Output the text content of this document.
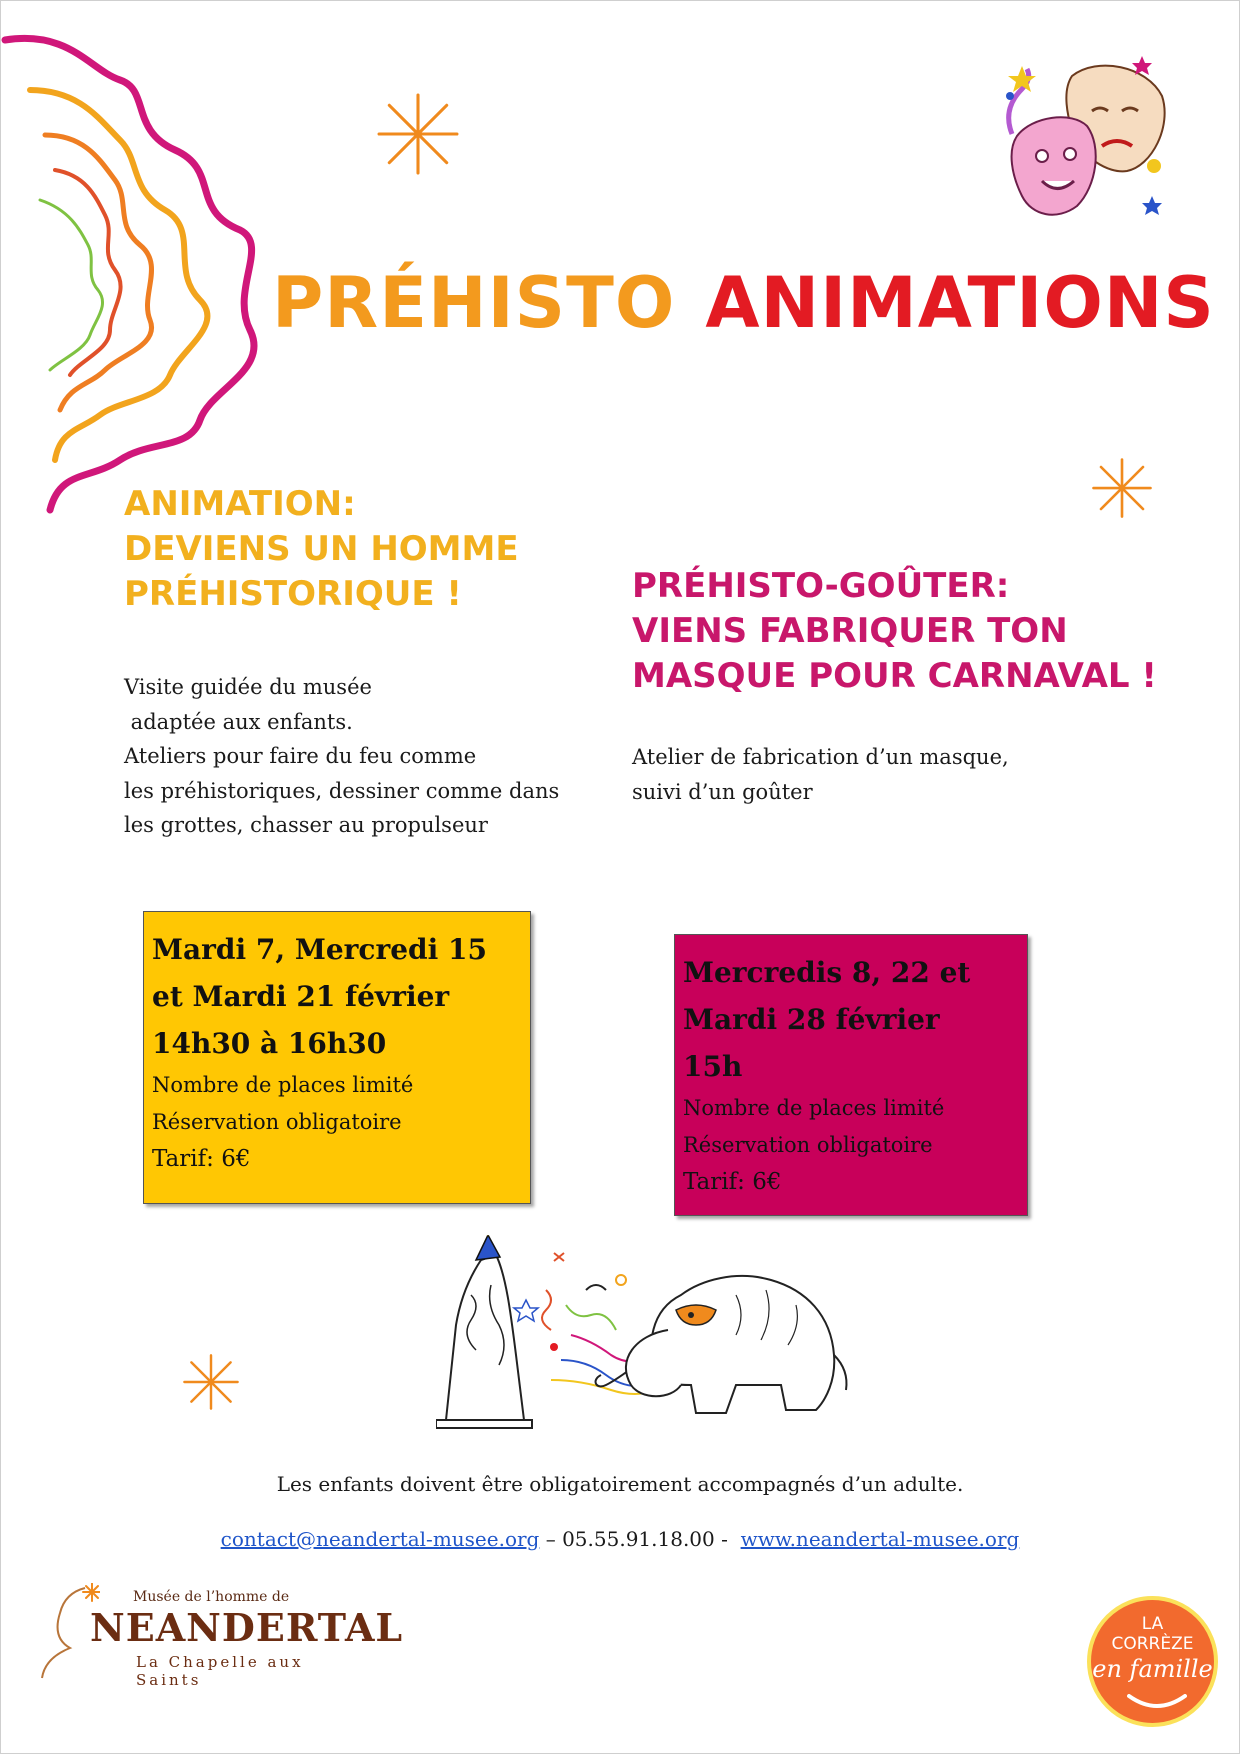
PRÉHISTO ANIMATIONS
ANIMATION:
DEVIENS UN HOMME
PRÉHISTORIQUE !	PRÉHISTO-GOÛTER:
VIENS FABRIQUER TON
MASQUE POUR CARNAVAL !
Visite guidée du musée
adaptée aux enfants.
Ateliers pour faire du feu comme
les préhistoriques, dessiner comme dans
les grottes, chasser au propulseur
Atelier de fabrication d’un masque,
suivi d’un goûter
Mardi 7, Mercredi 15
et Mardi 21 février
14h30 à 16h30
Nombre de places limité
Réservation obligatoire
Tarif: 6€
Mercredis 8, 22 et
Mardi 28 février
15h
Nombre de places limité
Réservation obligatoire
Tarif: 6€
Les enfants doivent être obligatoirement accompagnés d’un adulte.
contact@neandertal-musee.org – 05.55.91.18.00 -  www.neandertal-musee.org
Musée de l’homme de
NEANDERTAL
La Chapelle aux Saints
LA
CORRÈZE
en famille
